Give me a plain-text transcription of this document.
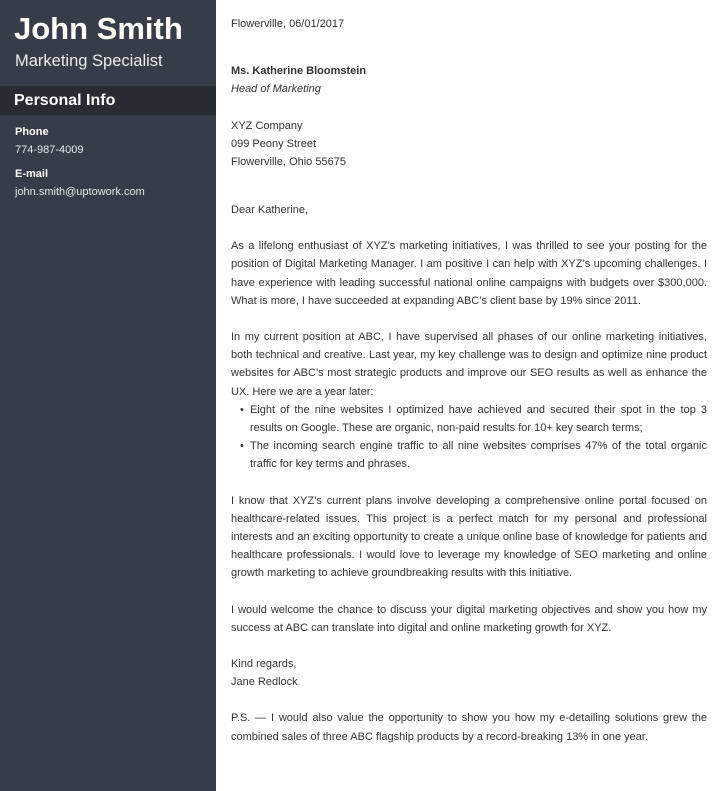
John Smith
Marketing Specialist
Personal Info
Phone
774-987-4009
E-mail
john.smith@uptowork.com
Flowerville, 06/01/2017
Ms. Katherine Bloomstein
Head of Marketing
XYZ Company
099 Peony Street
Flowerville, Ohio 55675

Dear Katherine,

As a lifelong enthusiast of XYZ’s marketing initiatives, I was thrilled to see your posting for the position of Digital Marketing Manager. I am positive I can help with XYZ’s upcoming challenges. I have experience with leading successful national online campaigns with budgets over $300,000. What is more, I have succeeded at expanding ABC’s client base by 19% since 2011.

In my current position at ABC, I have supervised all phases of our online marketing initiatives, both technical and creative. Last year, my key challenge was to design and optimize nine product websites for ABC’s most strategic products and improve our SEO results as well as enhance the UX. Here we are a year later:

• Eight of the nine websites I optimized have achieved and secured their spot in the top 3 results on Google. These are organic, non-paid results for 10+ key search terms;
• The incoming search engine traffic to all nine websites comprises 47% of the total organic traffic for key terms and phrases.

I know that XYZ’s current plans involve developing a comprehensive online portal focused on healthcare-related issues. This project is a perfect match for my personal and professional interests and an exciting opportunity to create a unique online base of knowledge for patients and healthcare professionals. I would love to leverage my knowledge of SEO marketing and online growth marketing to achieve groundbreaking results with this initiative.

I would welcome the chance to discuss your digital marketing objectives and show you how my success at ABC can translate into digital and online marketing growth for XYZ.

Kind regards,

Jane Redlock

P.S. — I would also value the opportunity to show you how my e-detailing solutions grew the combined sales of three ABC flagship products by a record-breaking 13% in one year.
